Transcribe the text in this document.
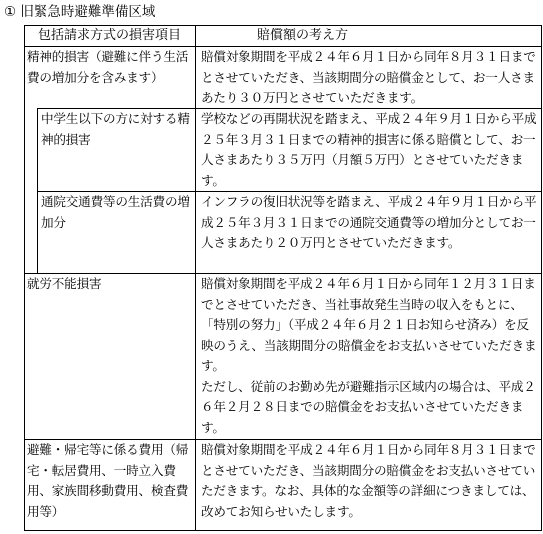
① 旧緊急時避難準備区域
包括請求方式の損害項目	賠償額の考え方
精神的損害（避難に伴う生活費の増加分を含みます）

賠償対象期間を平成２４年６月１日から同年８月３１日までとさせていただき、当該期間分の賠償金として、お一人さまあたり３０万円とさせていただきます。

中学生以下の方に対する精神的損害

学校などの再開状況を踏まえ、平成２４年９月１日から平成２５年３月３１日までの精神的損害に係る賠償として、お一人さまあたり３５万円（月額５万円）とさせていただきます。

通院交通費等の生活費の増加分

インフラの復旧状況等を踏まえ、平成２４年９月１日から平成２５年３月３１日までの通院交通費等の増加分としてお一人さまあたり２０万円とさせていただきます。

就労不能損害	賠償対象期間を平成２４年６月１日から同年１２月３１日までとさせていただき、当社事故発生当時の収入をもとに、「特別の努力」（平成２４年６月２１日お知らせ済み）を反映のうえ、当該期間分の賠償金をお支払いさせていただきます。

ただし、従前のお勤め先が避難指示区域内の場合は、平成２６年２月２８日までの賠償金をお支払いさせていただきます。

避難・帰宅等に係る費用（帰宅・転居費用、一時立入費用、家族間移動費用、検査費用等）

賠償対象期間を平成２４年６月１日から同年８月３１日までとさせていただき、当該期間分の賠償金をお支払いさせていただきます。なお、具体的な金額等の詳細につきましては、改めてお知らせいたします。
